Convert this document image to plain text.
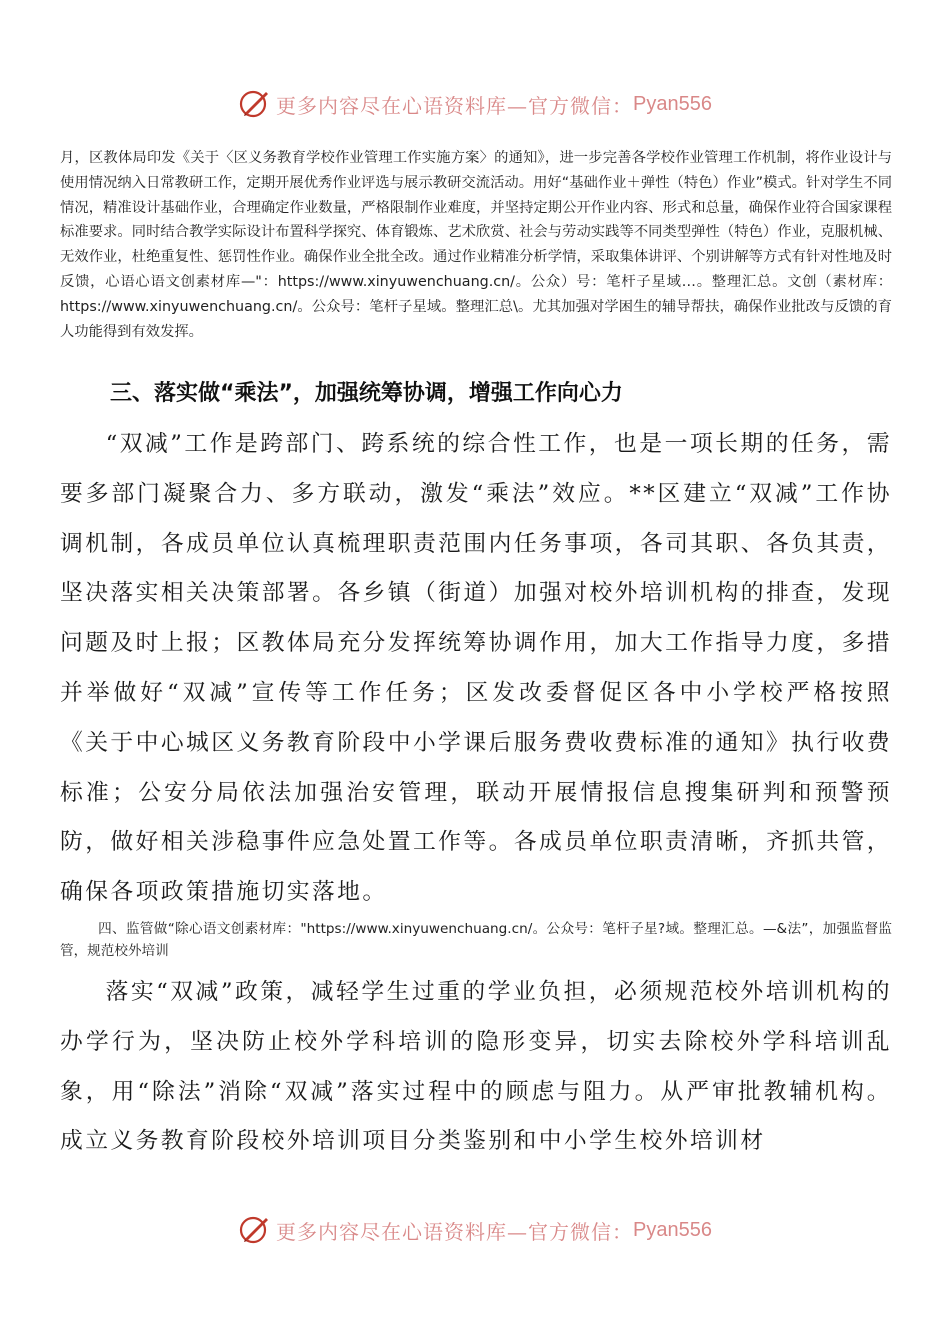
更多内容尽在心语资料库—官方微信： Pyan556

月，区教体局印发《关于〈区义务教育学校作业管理工作实施方案〉的通知》，进一步完善各学校作业管理工作机制，将作业设计与使用情况纳入日常教研工作，定期开展优秀作业评选与展示教研交流活动。用好“基础作业＋弹性（特色）作业”模式。针对学生不同情况，精准设计基础作业，合理确定作业数量，严格限制作业难度，并坚持定期公开作业内容、形式和总量，确保作业符合国家课程标准要求。同时结合教学实际设计布置科学探究、体育锻炼、艺术欣赏、社会与劳动实践等不同类型弹性（特色）作业，克服机械、无效作业，杜绝重复性、惩罚性作业。确保作业全批全改。通过作业精准分析学情，采取集体讲评、个别讲解等方式有针对性地及时反馈，心语心语文创素材库—"：https://www.xinyuwenchuang.cn/。公众）号：笔杆子星域…。整理汇总。文创（素材库：https://www.xinyuwenchuang.cn/。公众号：笔杆子星域。整理汇总\。尤其加强对学困生的辅导帮扶，确保作业批改与反馈的育人功能得到有效发挥。

三、落实做“乘法”，加强统筹协调，增强工作向心力

“双减”工作是跨部门、跨系统的综合性工作，也是一项长期的任务，需要多部门凝聚合力、多方联动，激发“乘法”效应。**区建立“双减”工作协调机制，各成员单位认真梳理职责范围内任务事项，各司其职、各负其责，坚决落实相关决策部署。各乡镇（街道）加强对校外培训机构的排查，发现问题及时上报；区教体局充分发挥统筹协调作用，加大工作指导力度，多措并举做好“双减”宣传等工作任务；区发改委督促区各中小学校严格按照《关于中心城区义务教育阶段中小学课后服务费收费标准的通知》执行收费标准；公安分局依法加强治安管理，联动开展情报信息搜集研判和预警预防，做好相关涉稳事件应急处置工作等。各成员单位职责清晰，齐抓共管，确保各项政策措施切实落地。

四、监管做“除心语文创素材库："https://www.xinyuwenchuang.cn/。公众号：笔杆子星?域。整理汇总。—&法”，加强监督监管，规范校外培训

落实“双减”政策，减轻学生过重的学业负担，必须规范校外培训机构的办学行为，坚决防止校外学科培训的隐形变异，切实去除校外学科培训乱象，用“除法”消除“双减”落实过程中的顾虑与阻力。从严审批教辅机构。成立义务教育阶段校外培训项目分类鉴别和中小学生校外培训材

更多内容尽在心语资料库—官方微信： Pyan556
